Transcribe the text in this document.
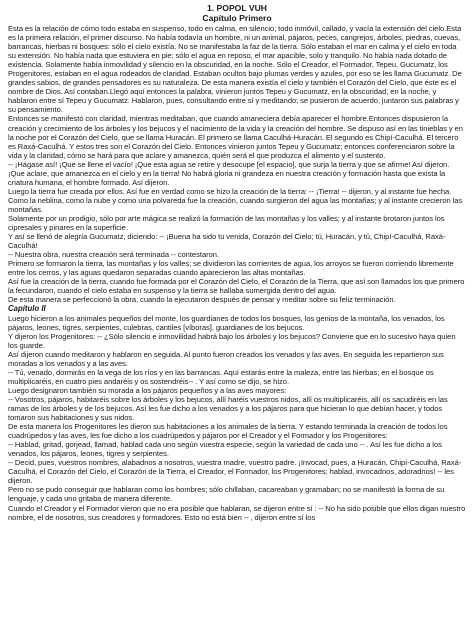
1. POPOL VUH

Capítulo Primero

Esta es la relación de cómo todo estaba en suspenso, todo en calma, en silencio; todo inmóvil, callado, y vacía la extensión del cielo.Esta es la primera relación, el primer discurso. No había todavía un hombre, ni un animal, pájaros, peces, cangrejos, árboles, piedras, cuevas, barrancas, hierbas ni bosques: sólo el cielo existía. No se manifestaba la faz de la tierra. Sólo estaban el mar en calma y el cielo en toda su extensión. No había nada que estuviera en pie; sólo el agua en reposo, el mar apacible, solo y tranquilo. No había nada dotado de existencia. Solamente había inmovilidad y silencio en la obscuridad, en la noche. Sólo el Creador, el Formador, Tepeu, Gucumatz, los Progenitores, estaban en el agua rodeados de claridad. Estaban ocultos bajo plumas verdes y azules, por eso se les llama Gucumatz. De grandes sabios, de grandes pensadores es su naturaleza. De esta manera existía el cielo y también el Corazón del Cielo, que éste es el nombre de Dios. Así contaban.Llegó aquí entonces la palabra, vinieron juntos Tepeu y Gucumatz, en la obscuridad, en la noche, y hablaron entre sí Tepeu y Gucumatz. Hablaron, pues, consultando entre sí y meditando; se pusieron de acuerdo, juntaron sus palabras y su pensamiento.

Entonces se manifestó con claridad, mientras meditaban, que cuando amaneciera debía aparecer el hombre.Entonces dispusieron la creación y crecimiento de los árboles y los bejucos y el nacimiento de la vida y la creación del hombre. Se dispuso así en las tinieblas y en la noche por el Corazón del Cielo, que se llama Huracán. El primero se llama Caculhá-Huracán. El segundo es Chipí-Caculhá. El tercero es Raxá-Caculhá. Y estos tres son el Corazón del Cielo. Entonces vinieron juntos Tepeu y Gucumatz; entonces conferenciaron sobre la vida y la claridad, cómo se hará para que aclare y amanezca, quién será el que produzca el alimento y el sustento.

-- ¡Hágase así! ¡Que se llene el vacío! ¡Que esta agua se retire y desocupe [el espacio], que surja la tierra y que se afirme! Así dijeron. ¡Que aclare, que amanezca en el cielo y en la tierra! No habrá gloria ni grandeza en nuestra creación y formación hasta que exista la criatura humana, el hombre formado. Así dijeron.

Luego la tierra fue creada por ellos. Así fue en verdad como se hizo la creación de la tierra: -- ¡Tierra! -- dijeron, y al instante fue hecha.

Como la neblina, como la nube y como una polvareda fue la creación, cuando surgieron del agua las montañas; y al instante crecieron las montañas.

Solamente por un prodigio, sólo por arte mágica se realizó la formación de las montañas y los valles; y al instante brotaron juntos los cipresales y pinares en la superficie.

Y así se llenó de alegría Gucumatz, diciendo: -- ¡Buena ha sido tu venida, Corazón del Cielo; tú, Huracán, y tú, Chipí-Caculhá, Raxá-Caculhá!

-- Nuestra obra, nuestra creación será terminada -- contestaron.

Primero se formaron la tierra, las montañas y los valles; se dividieron las corrientes de agua, los arroyos se fueron corriendo libremente entre los cerros, y las aguas quedaron separadas cuando aparecieron las altas montañas.

Así fue la creación de la tierra, cuando fue formada por el Corazón del Cielo, el Corazón de la Tierra, que así son llamados los que primero la fecundaron, cuando el cielo estaba en suspenso y la tierra se hallaba sumergida dentro del agua.

De esta manera se perfeccionó la obra, cuando la ejecutaron después de pensar y meditar sobre su feliz terminación.

Capítulo II

Luego hicieron a los animales pequeños del monte, los guardianes de todos los bosques, los genios de la montaña, los venados, los pájaros, leones, tigres, serpientes, culebras, cantiles [víboras], guardianes de los bejucos.

Y dijeron los Progenitores: -- ¿Sólo silencio e inmovilidad habrá bajo los árboles y los bejucos? Conviene que en lo sucesivo haya quien los guarde.

Así dijeron cuando meditaron y hablaron en seguida. Al punto fueron creados los venados y las aves. En seguida les repartieron sus moradas a los venados y a las aves.

-- Tú, venado, dormirás en la vega de los ríos y en las barrancas. Aquí estarás entre la maleza, entre las hierbas; en el bosque os multiplicaréis, en cuatro pies andaréis y os sostendréis-- . Y así como se dijo, se hizo.

Luego designaron también su morada a los pájaros pequeños y a las aves mayores:

-- Vosotros, pájaros, habitaréis sobre los árboles y los bejucos, allí haréis vuestros nidos, allí os multiplicaréis, allí os sacudiréis en las ramas de los árboles y de los bejucos. Así les fue dicho a los venados y a los pájaros para que hicieran lo que debían hacer, y todos tomaron sus habitaciones y sus nidos.

De esta manera los Progenitores les dieron sus habitaciones a los animales de la tierra. Y estando terminada la creación de todos los cuadrúpedos y las aves, les fue dicho a los cuadrúpedos y pájaros por el Creador y el Formador y los Progenitores:

-- Hablad, gritad, gorjead, llamad, hablad cada uno según vuestra especie, según la variedad de cada uno -- . Así les fue dicho a los venados, los pájaros, leones, tigres y serpientes.

-- Decid, pues, vuestros nombres, alabadnos a nosotros, vuestra madre, vuestro padre. ¡Invocad, pues, a Huracán, Chipí-Caculhá, Raxá-Caculhá, el Corazón del Cielo, el Corazón de la Tierra, el Creador, el Formador, los Progenitores; hablad, invocadnos, adoradnos! -- les dijeron.

Pero no se pudo conseguir que hablaran como los hombres; sólo chillaban, cacareaban y gramaban; no se manifestó la forma de su lenguaje, y cada uno gritaba de manera diferente.

Cuando el Creador y el Formador vieron que no era posible que hablaran, se dijeron entre sí : -- No ha sido posible que ellos digan nuestro nombre, el de nosotros, sus creadores y formadores. Esto no está bien -- , dijeron entre sí los
